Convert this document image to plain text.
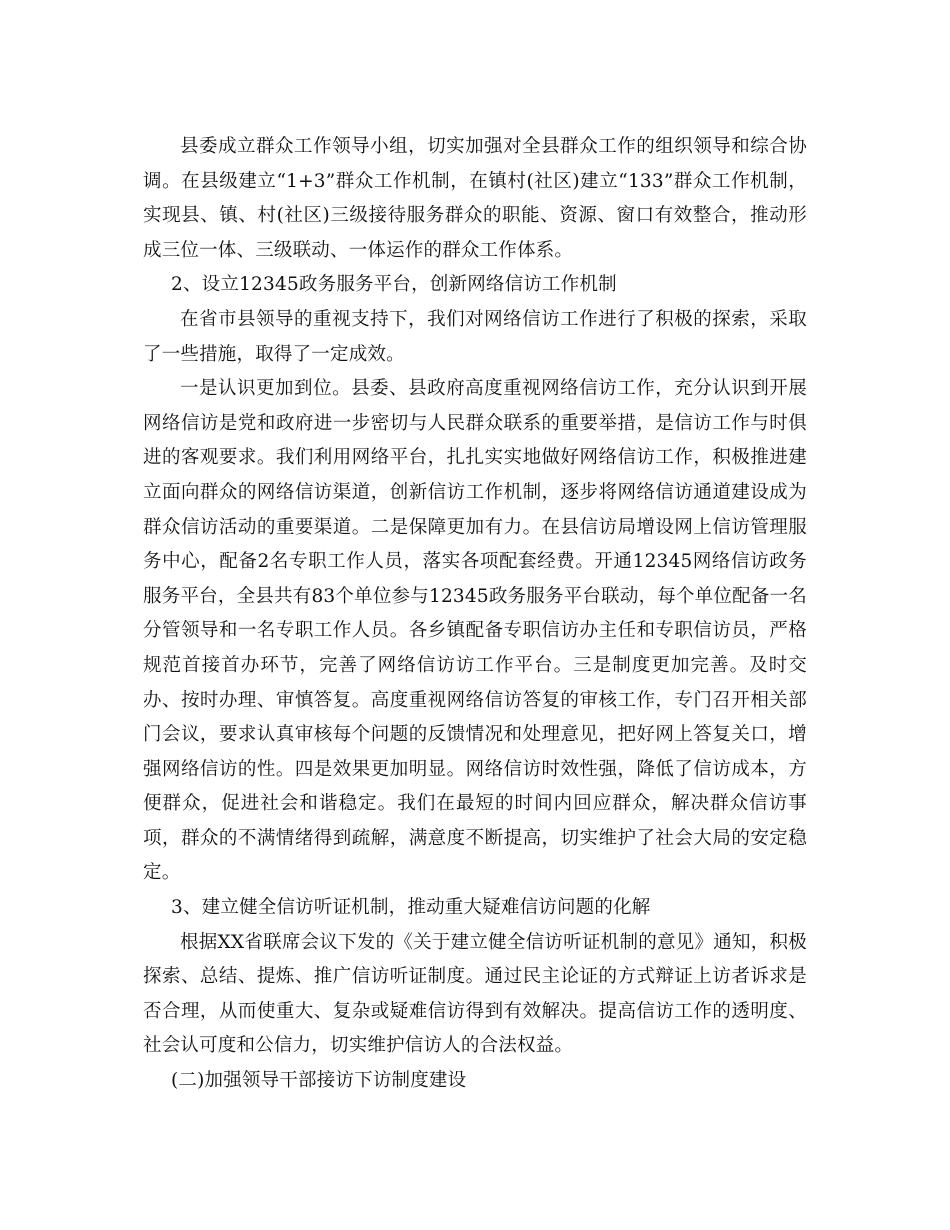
县委成立群众工作领导小组，切实加强对全县群众工作的组织领导和综合协调。在县级建立“1+3”群众工作机制，在镇村(社区)建立“133”群众工作机制，实现县、镇、村(社区)三级接待服务群众的职能、资源、窗口有效整合，推动形成三位一体、三级联动、一体运作的群众工作体系。

2、设立12345政务服务平台，创新网络信访工作机制

在省市县领导的重视支持下，我们对网络信访工作进行了积极的探索，采取了一些措施，取得了一定成效。

一是认识更加到位。县委、县政府高度重视网络信访工作，充分认识到开展网络信访是党和政府进一步密切与人民群众联系的重要举措，是信访工作与时俱进的客观要求。我们利用网络平台，扎扎实实地做好网络信访工作，积极推进建立面向群众的网络信访渠道，创新信访工作机制，逐步将网络信访通道建设成为群众信访活动的重要渠道。二是保障更加有力。在县信访局增设网上信访管理服务中心，配备2名专职工作人员，落实各项配套经费。开通12345网络信访政务服务平台，全县共有83个单位参与12345政务服务平台联动，每个单位配备一名分管领导和一名专职工作人员。各乡镇配备专职信访办主任和专职信访员，严格规范首接首办环节，完善了网络信访访工作平台。三是制度更加完善。及时交办、按时办理、审慎答复。高度重视网络信访答复的审核工作，专门召开相关部门会议，要求认真审核每个问题的反馈情况和处理意见，把好网上答复关口，增强网络信访的性。四是效果更加明显。网络信访时效性强，降低了信访成本，方便群众，促进社会和谐稳定。我们在最短的时间内回应群众，解决群众信访事项，群众的不满情绪得到疏解，满意度不断提高，切实维护了社会大局的安定稳定。

3、建立健全信访听证机制，推动重大疑难信访问题的化解

根据XX省联席会议下发的《关于建立健全信访听证机制的意见》通知，积极探索、总结、提炼、推广信访听证制度。通过民主论证的方式辩证上访者诉求是否合理，从而使重大、复杂或疑难信访得到有效解决。提高信访工作的透明度、社会认可度和公信力，切实维护信访人的合法权益。

(二)加强领导干部接访下访制度建设
